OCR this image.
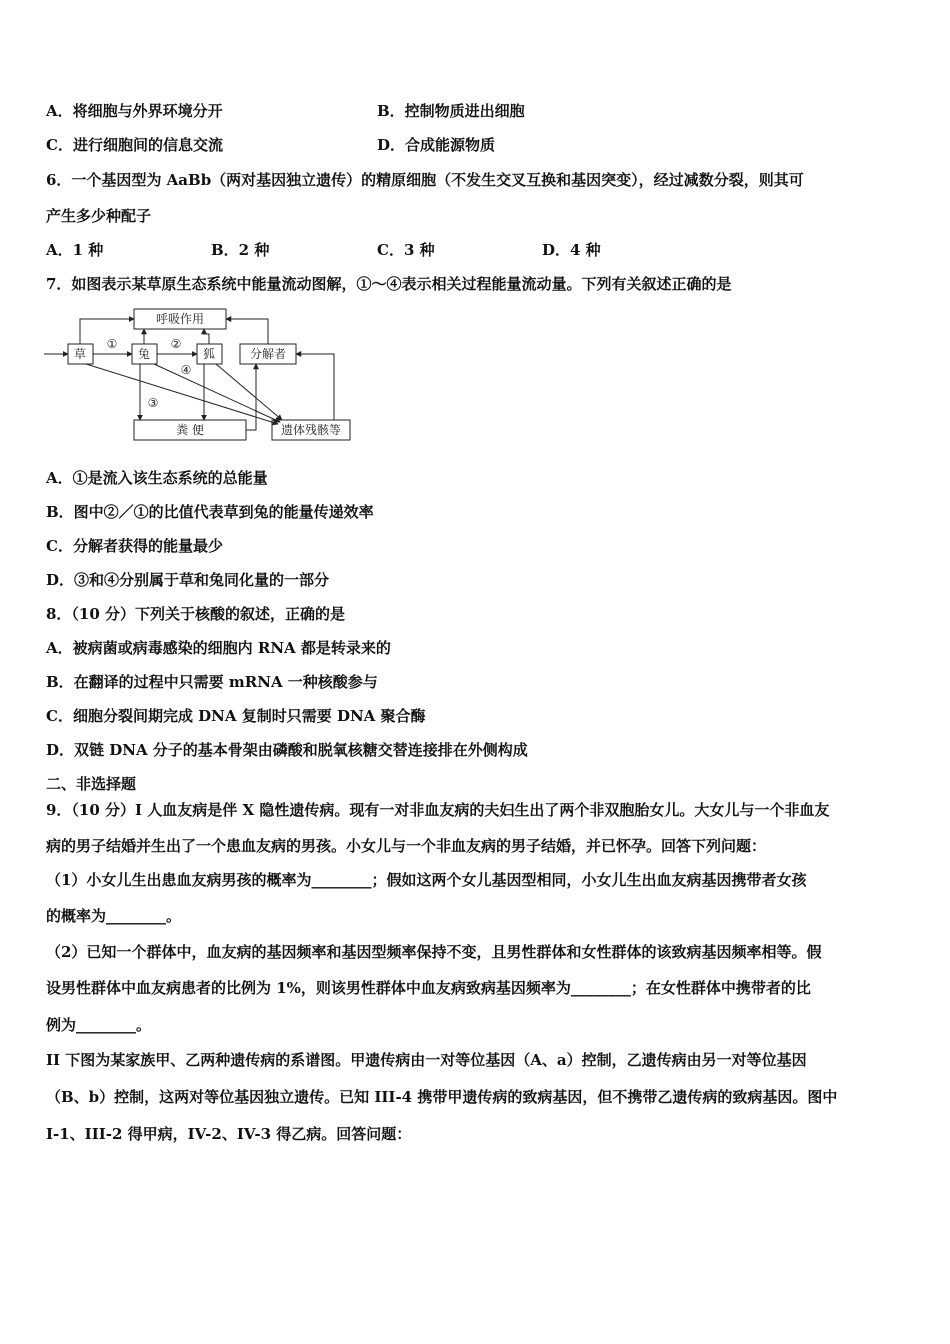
A．将细胞与外界环境分开	B．控制物质进出细胞
C．进行细胞间的信息交流	D．合成能源物质
6．一个基因型为 AaBb（两对基因独立遗传）的精原细胞（不发生交叉互换和基因突变），经过减数分裂，则其可
产生多少种配子
A．1 种	B．2 种	C．3 种	D．4 种
7．如图表示某草原生态系统中能量流动图解，①～④表示相关过程能量流动量。下列有关叙述正确的是
呼吸作用
草	兔	狐	分解者
粪 便	遗体残骸等
①	②
③
④
A．①是流入该生态系统的总能量
B．图中②／①的比值代表草到兔的能量传递效率
C．分解者获得的能量最少
D．③和④分别属于草和兔同化量的一部分
8．（10 分）下列关于核酸的叙述，正确的是
A．被病菌或病毒感染的细胞内 RNA 都是转录来的
B．在翻译的过程中只需要 mRNA 一种核酸参与
C．细胞分裂间期完成 DNA 复制时只需要 DNA 聚合酶
D．双链 DNA 分子的基本骨架由磷酸和脱氧核糖交替连接排在外侧构成
二、非选择题
9．（10 分）I 人血友病是伴 X 隐性遗传病。现有一对非血友病的夫妇生出了两个非双胞胎女儿。大女儿与一个非血友
病的男子结婚并生出了一个患血友病的男孩。小女儿与一个非血友病的男子结婚，并已怀孕。回答下列问题：
（1）小女儿生出患血友病男孩的概率为________；假如这两个女儿基因型相同，小女儿生出血友病基因携带者女孩
的概率为________。
（2）已知一个群体中，血友病的基因频率和基因型频率保持不变，且男性群体和女性群体的该致病基因频率相等。假
设男性群体中血友病患者的比例为 1%，则该男性群体中血友病致病基因频率为________；在女性群体中携带者的比
例为________。
II 下图为某家族甲、乙两种遗传病的系谱图。甲遗传病由一对等位基因（A、a）控制，乙遗传病由另一对等位基因
（B、b）控制，这两对等位基因独立遗传。已知 III-4 携带甲遗传病的致病基因，但不携带乙遗传病的致病基因。图中
I-1、III-2 得甲病，IV-2、IV-3 得乙病。回答问题：
